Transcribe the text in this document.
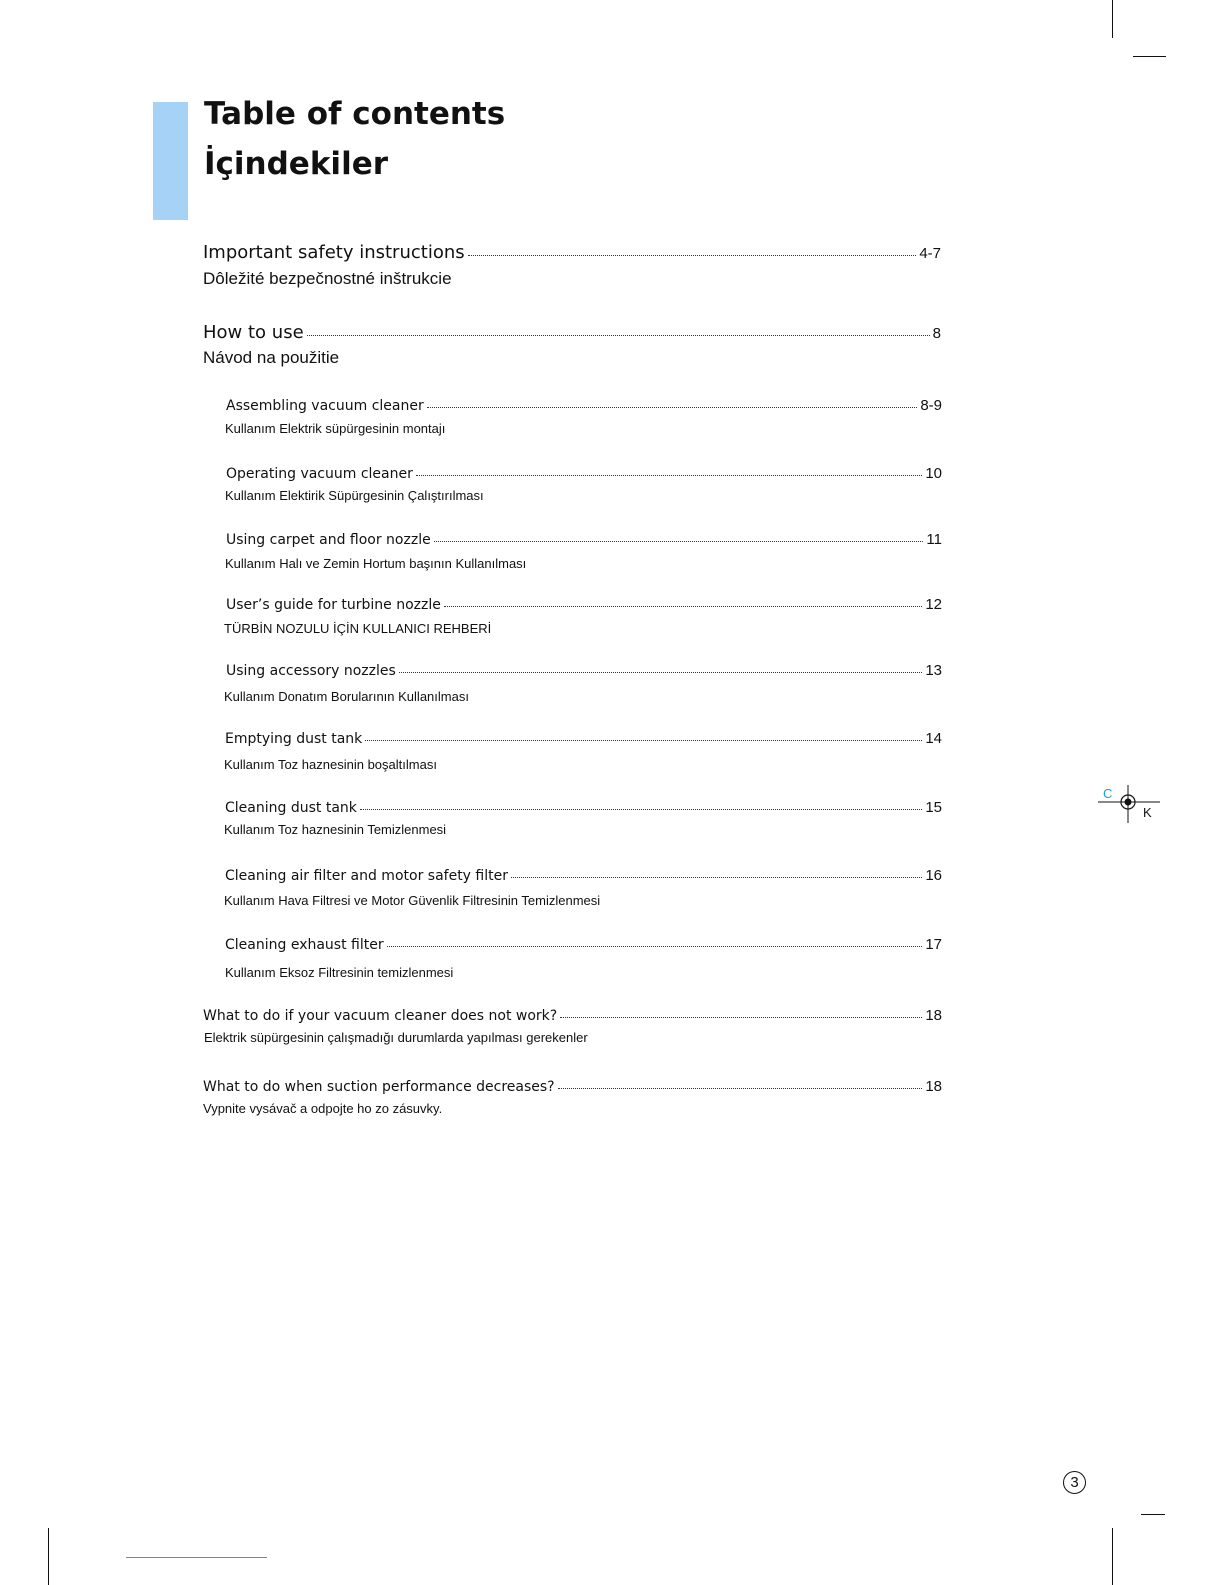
Table of contents
İçindekiler
Important safety instructions	4-7
Dôležité bezpečnostné inštrukcie
How to use	8
Návod na použitie
Assembling vacuum cleaner	8-9
Kullanım Elektrik süpürgesinin montajı
Operating vacuum cleaner	10
Kullanım Elektirik Süpürgesinin Çalıştırılması
Using carpet and floor nozzle	11
Kullanım Halı ve Zemin Hortum başının Kullanılması
User’s guide for turbine nozzle	12
TÜRBİN NOZULU İÇİN KULLANICI REHBERİ
Using accessory nozzles	13
Kullanım Donatım Borularının Kullanılması
Emptying dust tank	14
Kullanım Toz haznesinin boşaltılması
Cleaning dust tank	15
Kullanım Toz haznesinin Temizlenmesi
Cleaning air filter and motor safety filter	16
Kullanım Hava Filtresi ve Motor Güvenlik Filtresinin Temizlenmesi
Cleaning exhaust filter	17
Kullanım Eksoz Filtresinin temizlenmesi
What to do if your vacuum cleaner does not work?	18
Elektrik süpürgesinin çalışmadığı durumlarda yapılması gerekenler
What to do when suction performance decreases?	18
Vypnite vysávač a odpojte ho zo zásuvky.
C
K
3
